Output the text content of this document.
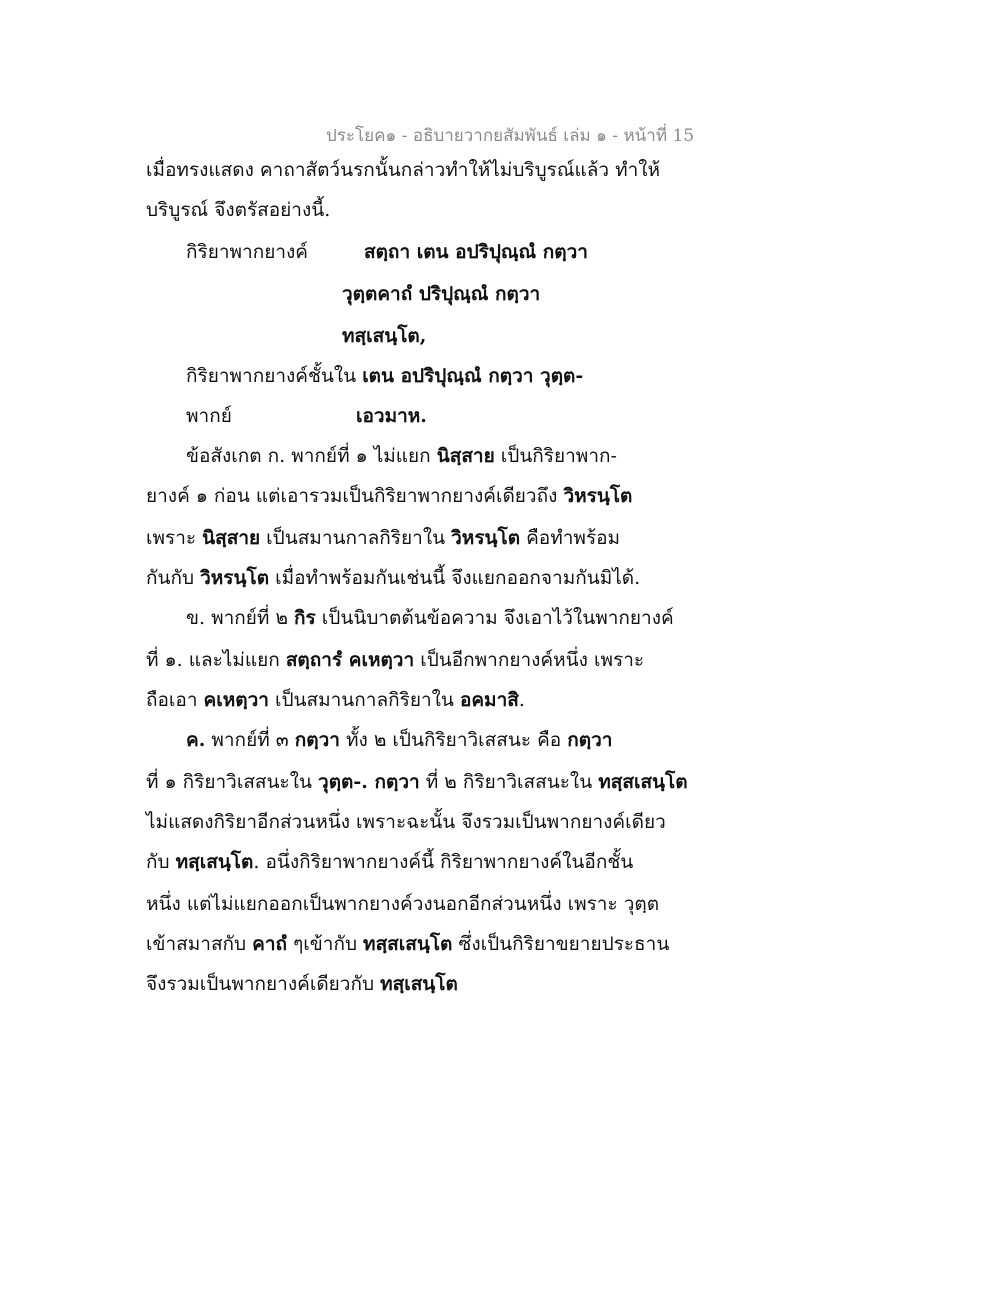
ประโยค๑ - อธิบายวากยสัมพันธ์ เล่ม ๑ - หน้าที่ 15
เมื่อทรงแสดง คาถาสัตว์นรกนั้นกล่าวทำให้ไม่บริบูรณ์แล้ว ทำให้
บริบูรณ์ จึงตรัสอย่างนี้.
กิริยาพากยางค์	สตฺถา เตน อปริปุณฺณํ กตฺวา
วุตฺตคาถํ ปริปุณฺณํ กตฺวา
ทสฺเสนฺโต,
กิริยาพากยางค์ชั้นใน เตน อปริปุณฺณํ กตฺวา วุตฺต-
พากย์	เอวมาห.
ข้อสังเกต ก. พากย์ที่ ๑ ไม่แยก นิสฺสาย เป็นกิริยาพาก-
ยางค์ ๑ ก่อน แต่เอารวมเป็นกิริยาพากยางค์เดียวถึง วิหรนฺโต
เพราะ นิสฺสาย เป็นสมานกาลกิริยาใน วิหรนฺโต คือทำพร้อม
กันกับ วิหรนฺโต เมื่อทำพร้อมกันเช่นนี้ จึงแยกออกจามกันมิได้.
ข. พากย์ที่ ๒ กิร เป็นนิบาตต้นข้อความ จึงเอาไว้ในพากยางค์
ที่ ๑. และไม่แยก สตฺถารํ คเหตฺวา เป็นอีกพากยางค์หนึ่ง เพราะ
ถือเอา คเหตฺวา เป็นสมานกาลกิริยาใน อคมาสิ.
ค. พากย์ที่ ๓ กตฺวา ทั้ง ๒ เป็นกิริยาวิเสสนะ คือ กตฺวา
ที่ ๑ กิริยาวิเสสนะใน วุตฺต-. กตฺวา ที่ ๒ กิริยาวิเสสนะใน ทสฺสเสนฺโต
ไม่แสดงกิริยาอีกส่วนหนึ่ง เพราะฉะนั้น จึงรวมเป็นพากยางค์เดียว
กับ ทสฺเสนฺโต. อนึ่งกิริยาพากยางค์นี้ กิริยาพากยางค์ในอีกชั้น
หนึ่ง แต่ไม่แยกออกเป็นพากยางค์วงนอกอีกส่วนหนึ่ง เพราะ วุตฺต
เข้าสมาสกับ คาถํ ๆเข้ากับ ทสฺสเสนฺโต ซึ่งเป็นกิริยาขยายประธาน
จึงรวมเป็นพากยางค์เดียวกับ ทสฺเสนฺโต
